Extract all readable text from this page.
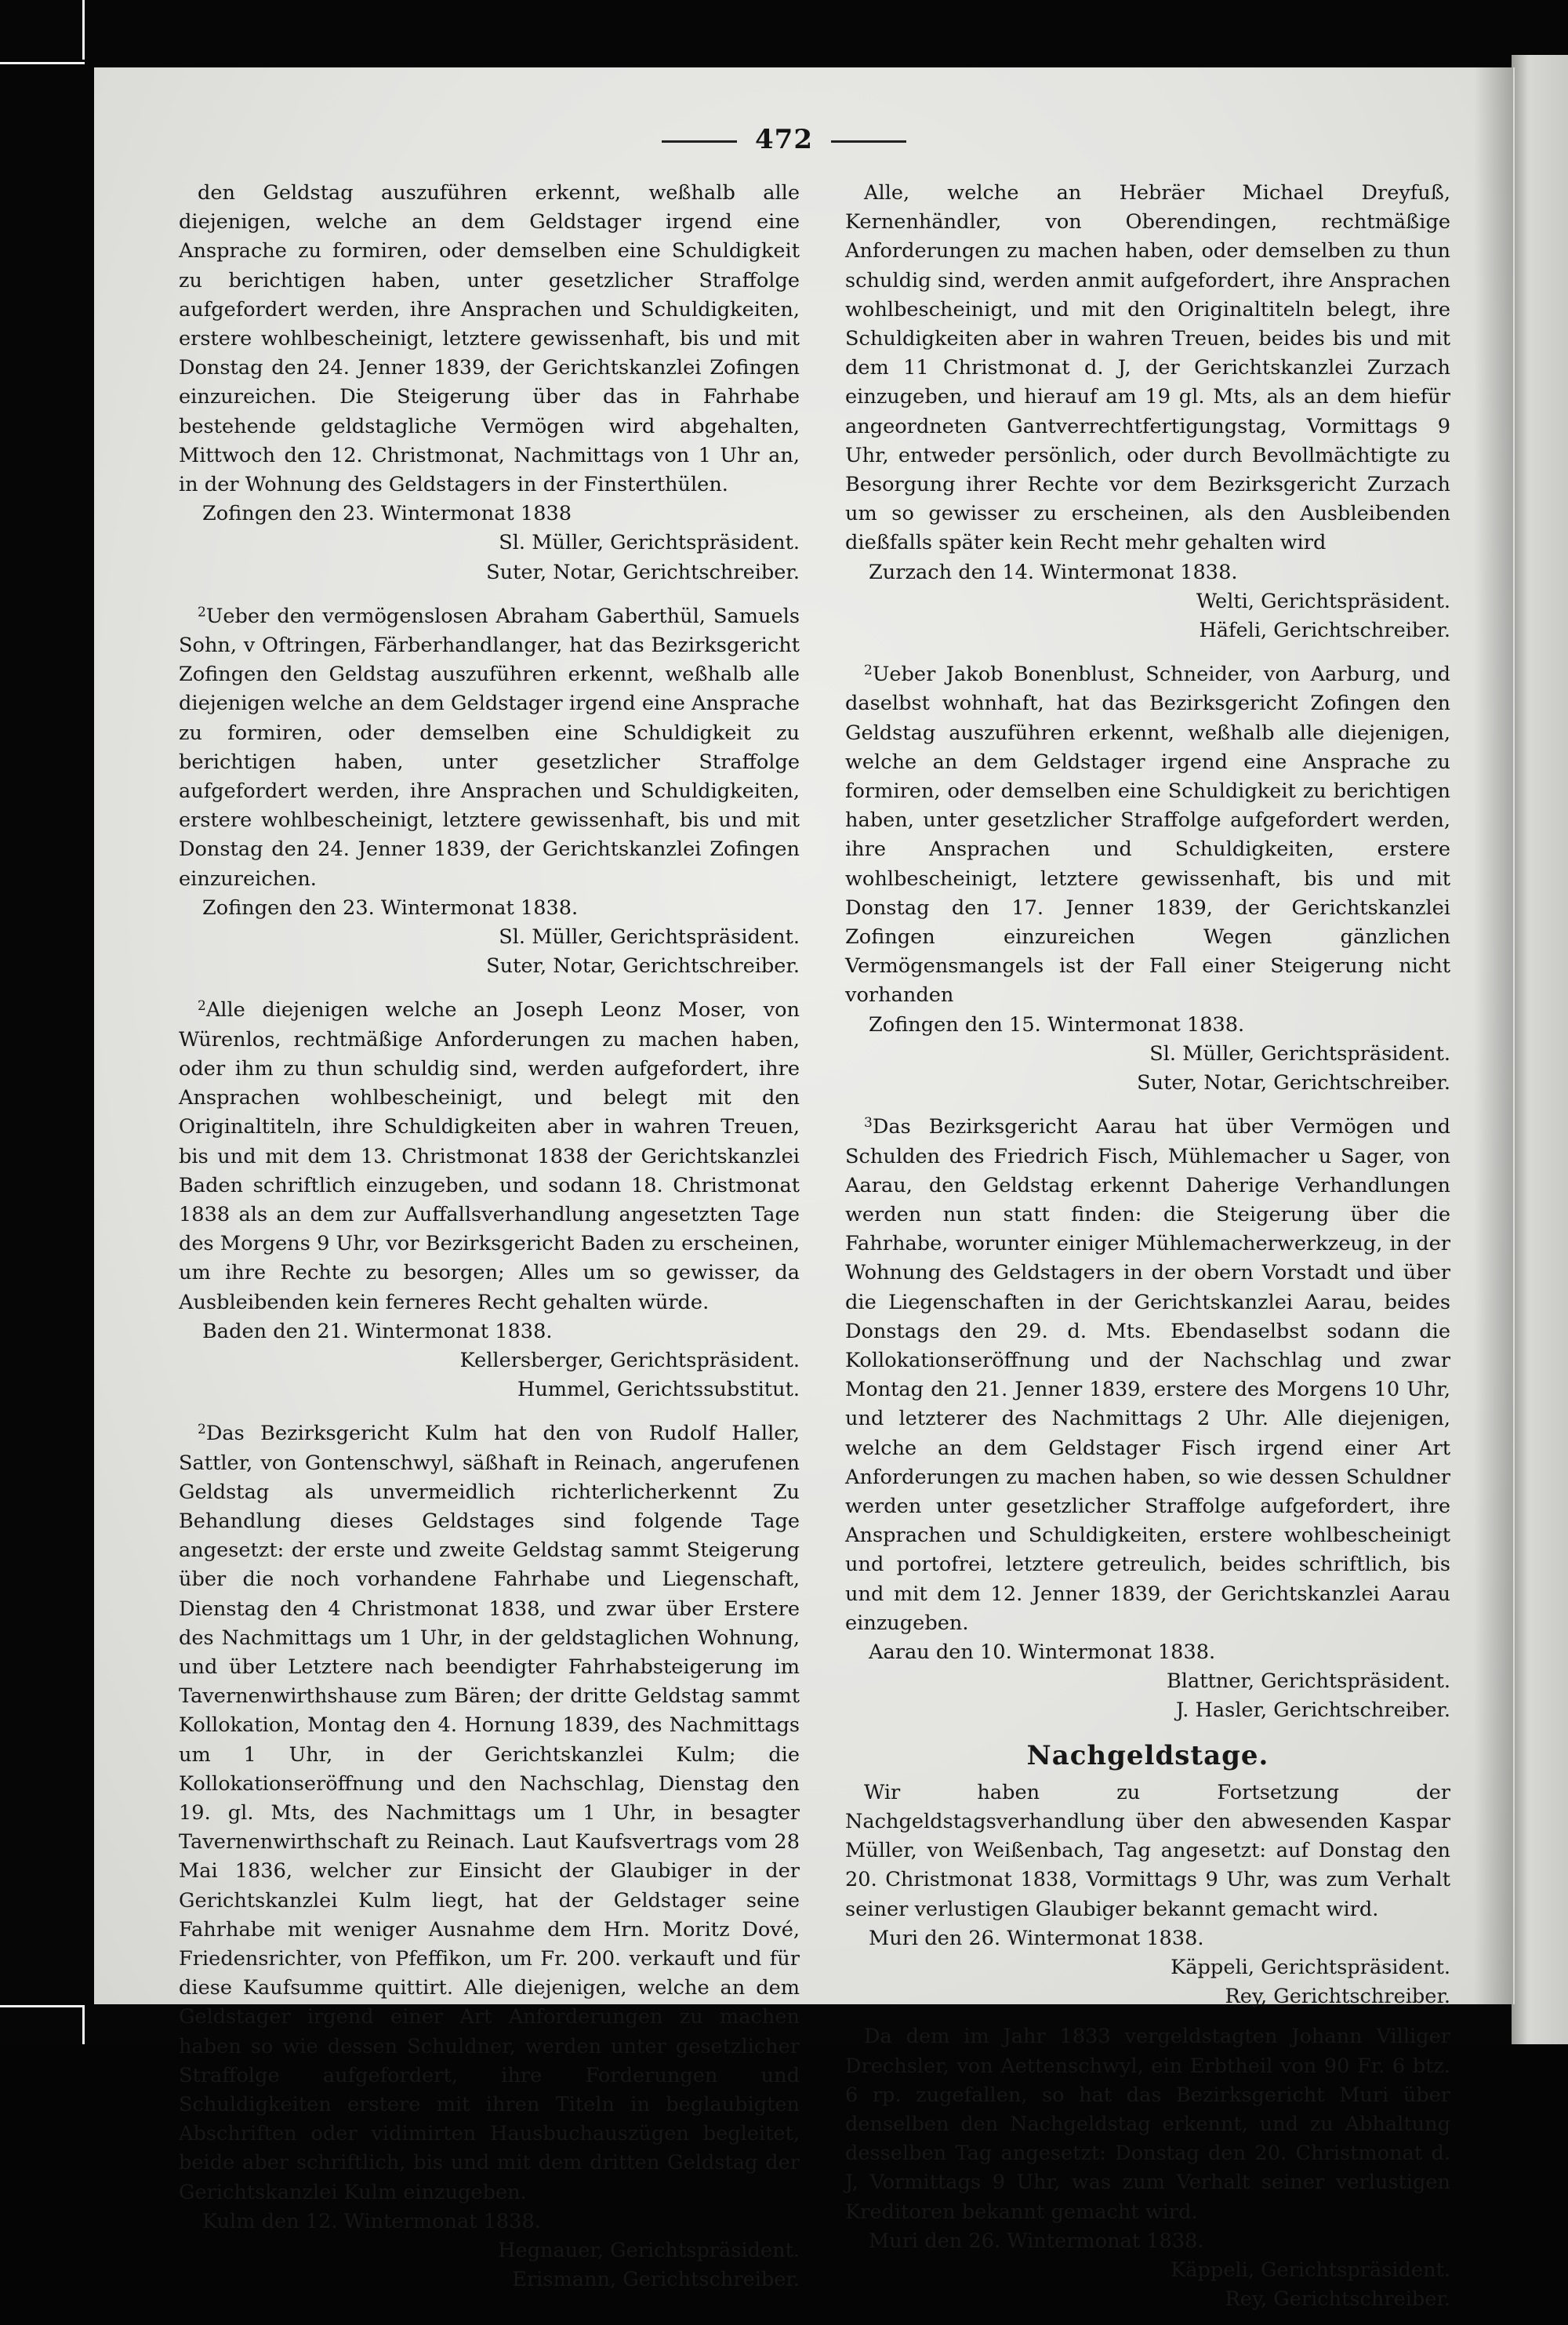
472
den Geldstag auszuführen erkennt, weßhalb alle diejenigen, welche an dem Geldstager irgend eine Ansprache zu formiren, oder demselben eine Schuldigkeit zu berichtigen haben, unter gesetzlicher Straffolge aufgefordert werden, ihre Ansprachen und Schuldigkeiten, erstere wohlbescheinigt, letztere gewissenhaft, bis und mit Donstag den 24. Jenner 1839, der Gerichtskanzlei Zofingen einzureichen. Die Steigerung über das in Fahrhabe bestehende geldstagliche Vermögen wird abgehalten, Mittwoch den 12. Christmonat, Nachmittags von 1 Uhr an, in der Wohnung des Geldstagers in der Finsterthülen.
Zofingen den 23. Wintermonat 1838
Sl. Müller, Gerichtspräsident.
Suter, Notar, Gerichtschreiber.
$^2$Ueber den vermögenslosen Abraham Gaberthül, Samuels Sohn, v Oftringen, Färberhandlanger, hat das Bezirksgericht Zofingen den Geldstag auszuführen erkennt, weßhalb alle diejenigen welche an dem Geldstager irgend eine Ansprache zu formiren, oder demselben eine Schuldigkeit zu berichtigen haben, unter gesetzlicher Straffolge aufgefordert werden, ihre Ansprachen und Schuldigkeiten, erstere wohlbescheinigt, letztere gewissenhaft, bis und mit Donstag den 24. Jenner 1839, der Gerichtskanzlei Zofingen einzureichen.
Zofingen den 23. Wintermonat 1838.
Sl. Müller, Gerichtspräsident.
Suter, Notar, Gerichtschreiber.
$^2$Alle diejenigen welche an Joseph Leonz Moser, von Würenlos, rechtmäßige Anforderungen zu machen haben, oder ihm zu thun schuldig sind, werden aufgefordert, ihre Ansprachen wohlbescheinigt, und belegt mit den Originaltiteln, ihre Schuldigkeiten aber in wahren Treuen, bis und mit dem 13. Christmonat 1838 der Gerichtskanzlei Baden schriftlich einzugeben, und sodann 18. Christmonat 1838 als an dem zur Auffallsverhandlung angesetzten Tage des Morgens 9 Uhr, vor Bezirksgericht Baden zu erscheinen, um ihre Rechte zu besorgen; Alles um so gewisser, da Ausbleibenden kein ferneres Recht gehalten würde.
Baden den 21. Wintermonat 1838.
Kellersberger, Gerichtspräsident.
Hummel, Gerichtssubstitut.
$^2$Das Bezirksgericht Kulm hat den von Rudolf Haller, Sattler, von Gontenschwyl, säßhaft in Reinach, angerufenen Geldstag als unvermeidlich richterlicherkennt Zu Behandlung dieses Geldstages sind folgende Tage angesetzt: der erste und zweite Geldstag sammt Steigerung über die noch vorhandene Fahrhabe und Liegenschaft, Dienstag den 4 Christmonat 1838, und zwar über Erstere des Nachmittags um 1 Uhr, in der geldstaglichen Wohnung, und über Letztere nach beendigter Fahrhabsteigerung im Tavernenwirthshause zum Bären; der dritte Geldstag sammt Kollokation, Montag den 4. Hornung 1839, des Nachmittags um 1 Uhr, in der Gerichtskanzlei Kulm; die Kollokationseröffnung und den Nachschlag, Dienstag den 19. gl. Mts, des Nachmittags um 1 Uhr, in besagter Tavernenwirthschaft zu Reinach. Laut Kaufsvertrags vom 28 Mai 1836, welcher zur Einsicht der Glaubiger in der Gerichtskanzlei Kulm liegt, hat der Geldstager seine Fahrhabe mit weniger Ausnahme dem Hrn. Moritz Dové, Friedensrichter, von Pfeffikon, um Fr. 200. verkauft und für diese Kaufsumme quittirt. Alle diejenigen, welche an dem Geldstager irgend einer Art Anforderungen zu machen haben so wie dessen Schuldner, werden unter gesetzlicher Straffolge aufgefordert, ihre Forderungen und Schuldigkeiten erstere mit ihren Titeln in beglaubigten Abschriften oder vidimirten Hausbuchauszügen begleitet, beide aber schriftlich, bis und mit dem dritten Geldstag der Gerichtskanzlei Kulm einzugeben.
Kulm den 12. Wintermonat 1838.
Hegnauer, Gerichtspräsident.
Erismann, Gerichtschreiber.
Alle, welche an Hebräer Michael Dreyfuß, Kernenhändler, von Oberendingen, rechtmäßige Anforderungen zu machen haben, oder demselben zu thun schuldig sind, werden anmit aufgefordert, ihre Ansprachen wohlbescheinigt, und mit den Originaltiteln belegt, ihre Schuldigkeiten aber in wahren Treuen, beides bis und mit dem 11 Christmonat d. J, der Gerichtskanzlei Zurzach einzugeben, und hierauf am 19 gl. Mts, als an dem hiefür angeordneten Gantverrechtfertigungstag, Vormittags 9 Uhr, entweder persönlich, oder durch Bevollmächtigte zu Besorgung ihrer Rechte vor dem Bezirksgericht Zurzach um so gewisser zu erscheinen, als den Ausbleibenden dießfalls später kein Recht mehr gehalten wird
Zurzach den 14. Wintermonat 1838.
Welti, Gerichtspräsident.
Häfeli, Gerichtschreiber.
$^2$Ueber Jakob Bonenblust, Schneider, von Aarburg, und daselbst wohnhaft, hat das Bezirksgericht Zofingen den Geldstag auszuführen erkennt, weßhalb alle diejenigen, welche an dem Geldstager irgend eine Ansprache zu formiren, oder demselben eine Schuldigkeit zu berichtigen haben, unter gesetzlicher Straffolge aufgefordert werden, ihre Ansprachen und Schuldigkeiten, erstere wohlbescheinigt, letztere gewissenhaft, bis und mit Donstag den 17. Jenner 1839, der Gerichtskanzlei Zofingen einzureichen Wegen gänzlichen Vermögensmangels ist der Fall einer Steigerung nicht vorhanden
Zofingen den 15. Wintermonat 1838.
Sl. Müller, Gerichtspräsident.
Suter, Notar, Gerichtschreiber.
$^3$Das Bezirksgericht Aarau hat über Vermögen und Schulden des Friedrich Fisch, Mühlemacher u Sager, von Aarau, den Geldstag erkennt Daherige Verhandlungen werden nun statt finden: die Steigerung über die Fahrhabe, worunter einiger Mühlemacherwerkzeug, in der Wohnung des Geldstagers in der obern Vorstadt und über die Liegenschaften in der Gerichtskanzlei Aarau, beides Donstags den 29. d. Mts. Ebendaselbst sodann die Kollokationseröffnung und der Nachschlag und zwar Montag den 21. Jenner 1839, erstere des Morgens 10 Uhr, und letzterer des Nachmittags 2 Uhr. Alle diejenigen, welche an dem Geldstager Fisch irgend einer Art Anforderungen zu machen haben, so wie dessen Schuldner werden unter gesetzlicher Straffolge aufgefordert, ihre Ansprachen und Schuldigkeiten, erstere wohlbescheinigt und portofrei, letztere getreulich, beides schriftlich, bis und mit dem 12. Jenner 1839, der Gerichtskanzlei Aarau einzugeben.
Aarau den 10. Wintermonat 1838.
Blattner, Gerichtspräsident.
J. Hasler, Gerichtschreiber.
Nachgeldstage.
Wir haben zu Fortsetzung der Nachgeldstagsverhandlung über den abwesenden Kaspar Müller, von Weißenbach, Tag angesetzt: auf Donstag den 20. Christmonat 1838, Vormittags 9 Uhr, was zum Verhalt seiner verlustigen Glaubiger bekannt gemacht wird.
Muri den 26. Wintermonat 1838.
Käppeli, Gerichtspräsident.
Rey, Gerichtschreiber.
Da dem im Jahr 1833 vergeldstagten Johann Villiger Drechsler, von Aettenschwyl, ein Erbtheil von 90 Fr. 6 btz. 6 rp. zugefallen, so hat das Bezirksgericht Muri über denselben den Nachgeldstag erkennt, und zu Abhaltung desselben Tag angesetzt: Donstag den 20. Christmonat d. J, Vormittags 9 Uhr, was zum Verhalt seiner verlustigen Kreditoren bekannt gemacht wird.
Muri den 26. Wintermonat 1838.
Käppeli, Gerichtspräsident.
Rey, Gerichtschreiber.
